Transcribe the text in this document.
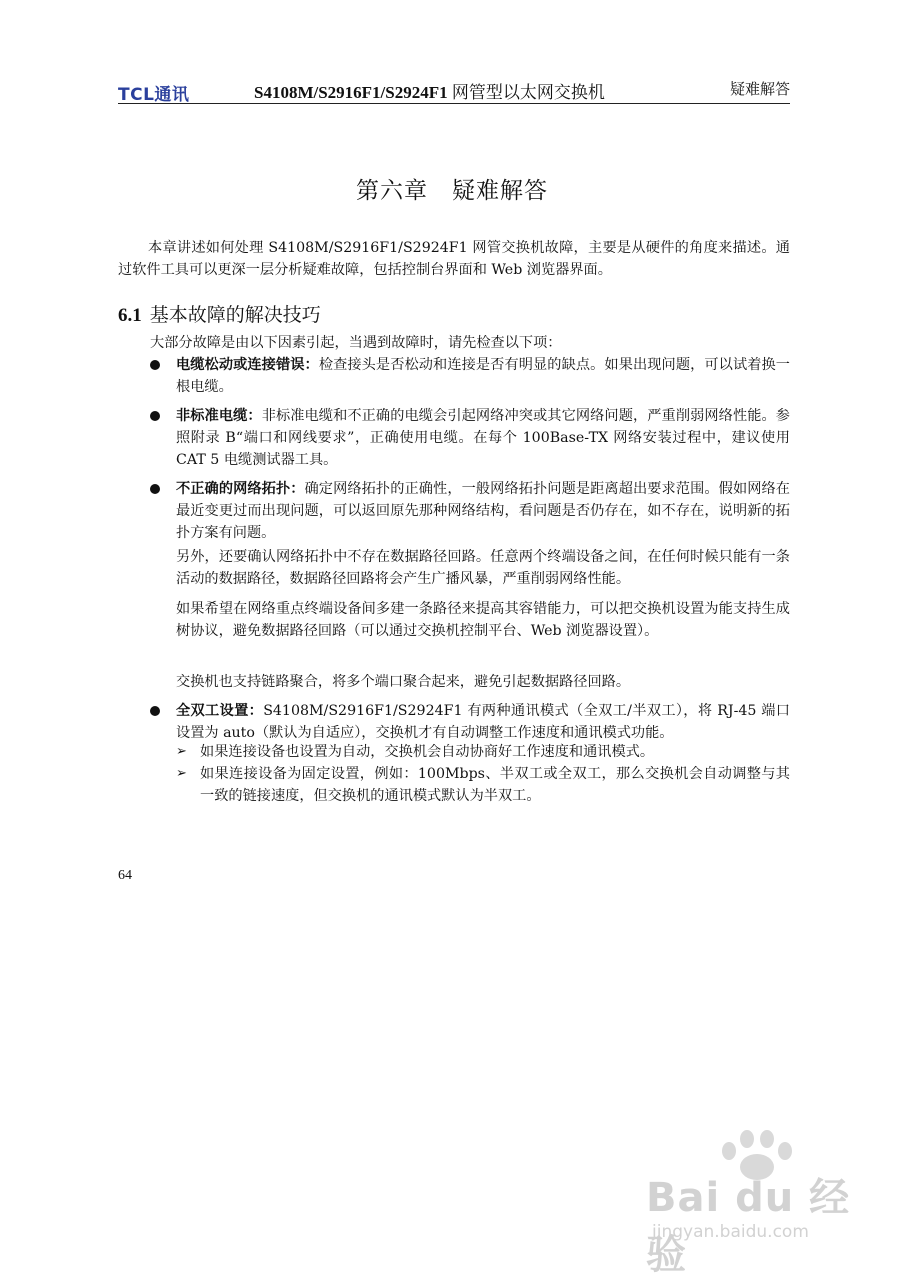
TCL通讯	S4108M/S2916F1/S2924F1 网管型以太网交换机	疑难解答
第六章　疑难解答

本章讲述如何处理 S4108M/S2916F1/S2924F1 网管交换机故障，主要是从硬件的角度来描述。通过软件工具可以更深一层分析疑难故障，包括控制台界面和 Web 浏览器界面。

6.1 基本故障的解决技巧

大部分故障是由以下因素引起，当遇到故障时，请先检查以下项：

电缆松动或连接错误：检查接头是否松动和连接是否有明显的缺点。如果出现问题，可以试着换一根电缆。

非标准电缆：非标准电缆和不正确的电缆会引起网络冲突或其它网络问题，严重削弱网络性能。参照附录 B“端口和网线要求”，正确使用电缆。在每个 100Base-TX 网络安装过程中，建议使用 CAT 5 电缆测试器工具。

不正确的网络拓扑：确定网络拓扑的正确性，一般网络拓扑问题是距离超出要求范围。假如网络在最近变更过而出现问题，可以返回原先那种网络结构，看问题是否仍存在，如不存在，说明新的拓扑方案有问题。

另外，还要确认网络拓扑中不存在数据路径回路。任意两个终端设备之间，在任何时候只能有一条活动的数据路径，数据路径回路将会产生广播风暴，严重削弱网络性能。

如果希望在网络重点终端设备间多建一条路径来提高其容错能力，可以把交换机设置为能支持生成树协议，避免数据路径回路（可以通过交换机控制平台、Web 浏览器设置）。

交换机也支持链路聚合，将多个端口聚合起来，避免引起数据路径回路。

全双工设置：S4108M/S2916F1/S2924F1 有两种通讯模式（全双工/半双工），将 RJ-45 端口设置为 auto（默认为自适应），交换机才有自动调整工作速度和通讯模式功能。

➢ 如果连接设备也设置为自动，交换机会自动协商好工作速度和通讯模式。

➢ 如果连接设备为固定设置，例如：100Mbps、半双工或全双工，那么交换机会自动调整与其一致的链接速度，但交换机的通讯模式默认为半双工。

64
Bai du 经验
jingyan.baidu.com
